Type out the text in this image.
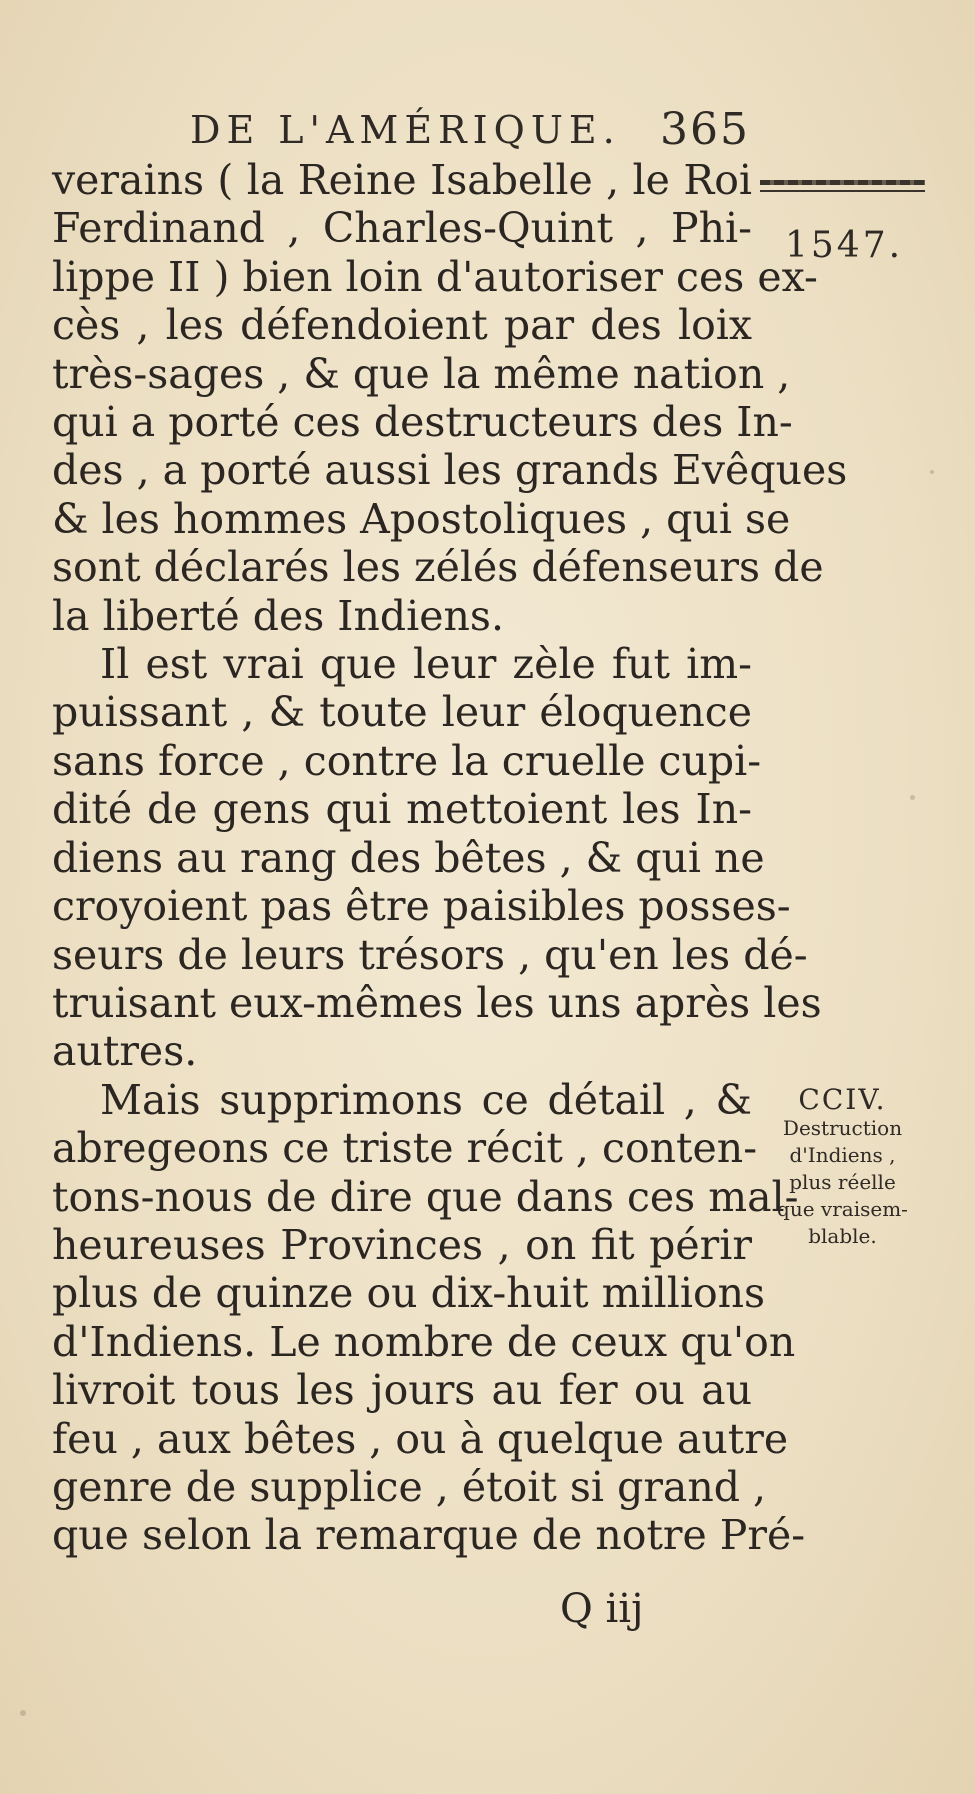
DE L'AMÉRIQUE. 365
1547.
verains ( la Reine Isabelle , le Roi
Ferdinand , Charles-Quint , Phi-
lippe II ) bien loin d'autoriser ces ex-
cès , les défendoient par des loix
très-sages , & que la même nation ,
qui a porté ces destructeurs des In-
des , a porté aussi les grands Evêques
& les hommes Apostoliques , qui se
sont déclarés les zélés défenseurs de
la liberté des Indiens.
Il est vrai que leur zèle fut im-
puissant , & toute leur éloquence
sans force , contre la cruelle cupi-
dité de gens qui mettoient les In-
diens au rang des bêtes , & qui ne
croyoient pas être paisibles posses-
seurs de leurs trésors , qu'en les dé-
truisant eux-mêmes les uns après les
autres.
Mais supprimons ce détail , &
abregeons ce triste récit , conten-
tons-nous de dire que dans ces mal-
heureuses Provinces , on fit périr
plus de quinze ou dix-huit millions
d'Indiens. Le nombre de ceux qu'on
livroit tous les jours au fer ou au
feu , aux bêtes , ou à quelque autre
genre de supplice , étoit si grand ,
que selon la remarque de notre Pré-
CCIV.
Destruction
d'Indiens ,
plus réelle
que vraisem-
blable.
Q iij
